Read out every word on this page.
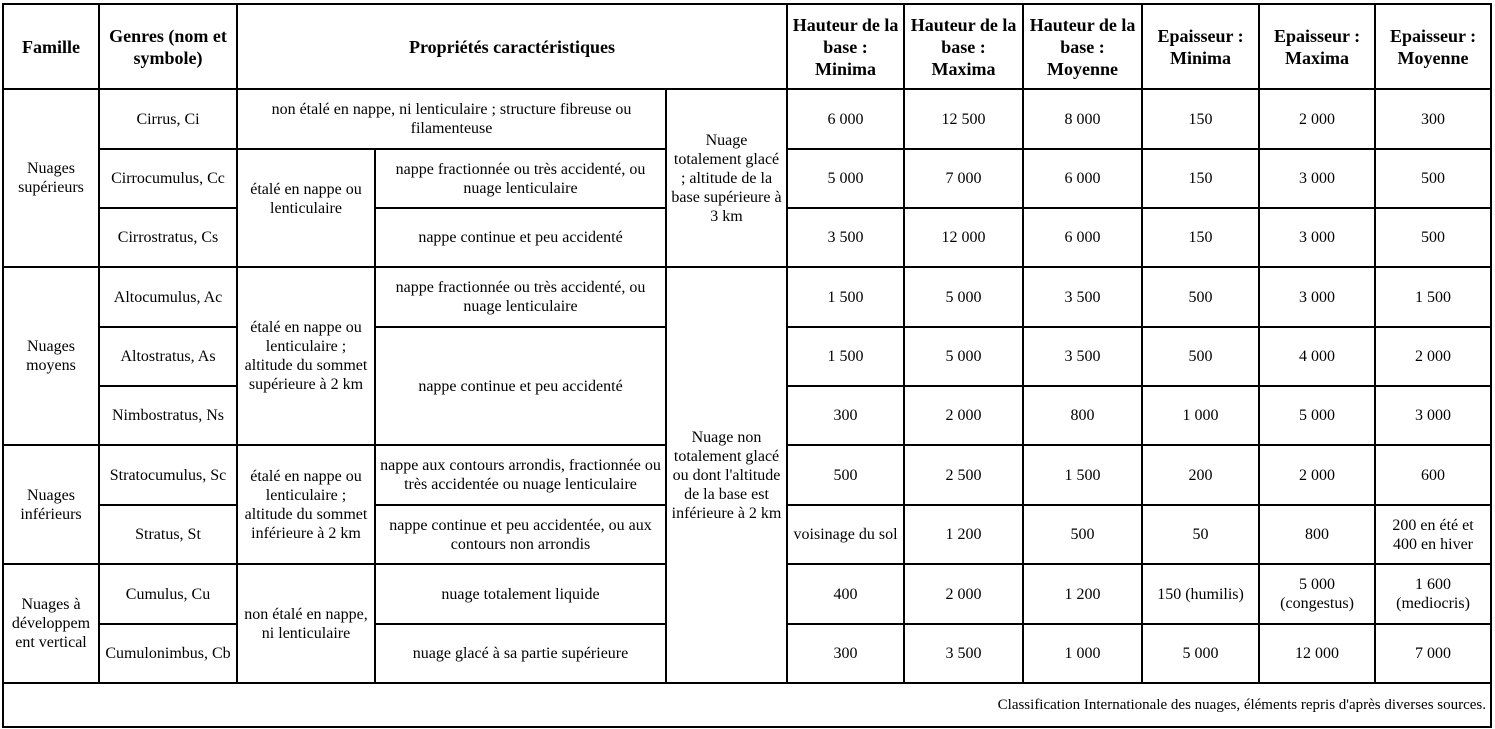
Famille	Genres (nom et symbole)	Propriétés caractéristiques			Hauteur de la base : Minima	Hauteur de la base : Maxima	Hauteur de la base : Moyenne	Epaisseur : Minima	Epaisseur : Maxima	Epaisseur : Moyenne
Nuages supérieurs	Cirrus, Ci	non étalé en nappe, ni lenticulaire ; structure fibreuse ou filamenteuse		Nuage totalement glacé ; altitude de la base supérieure à 3 km	6 000	12 500	8 000	150	2 000	300
	Cirrocumulus, Cc	étalé en nappe ou lenticulaire	nappe fractionnée ou très accidenté, ou nuage lenticulaire		5 000	7 000	6 000	150	3 000	500
	Cirrostratus, Cs		nappe continue et peu accidenté		3 500	12 000	6 000	150	3 000	500
Nuages moyens	Altocumulus, Ac	étalé en nappe ou lenticulaire ; altitude du sommet supérieure à 2 km	nappe fractionnée ou très accidenté, ou nuage lenticulaire	Nuage non totalement glacé ou dont l'altitude de la base est inférieure à 2 km	1 500	5 000	3 500	500	3 000	1 500
	Altostratus, As		nappe continue et peu accidenté		1 500	5 000	3 500	500	4 000	2 000
	Nimbostratus, Ns				300	2 000	800	1 000	5 000	3 000
Nuages inférieurs	Stratocumulus, Sc	étalé en nappe ou lenticulaire ; altitude du sommet inférieure à 2 km	nappe aux contours arrondis, fractionnée ou très accidentée ou nuage lenticulaire		500	2 500	1 500	200	2 000	600
	Stratus, St		nappe continue et peu accidentée, ou aux contours non arrondis		voisinage du sol	1 200	500	50	800	200 en été et 400 en hiver
Nuages à développem ent vertical	Cumulus, Cu	non étalé en nappe, ni lenticulaire	nuage totalement liquide		400	2 000	1 200	150 (humilis)	5 000 (congestus)	1 600 (mediocris)
	Cumulonimbus, Cb		nuage glacé à sa partie supérieure		300	3 500	1 000	5 000	12 000	7 000
Classification Internationale des nuages, éléments repris d'après diverses sources.										
